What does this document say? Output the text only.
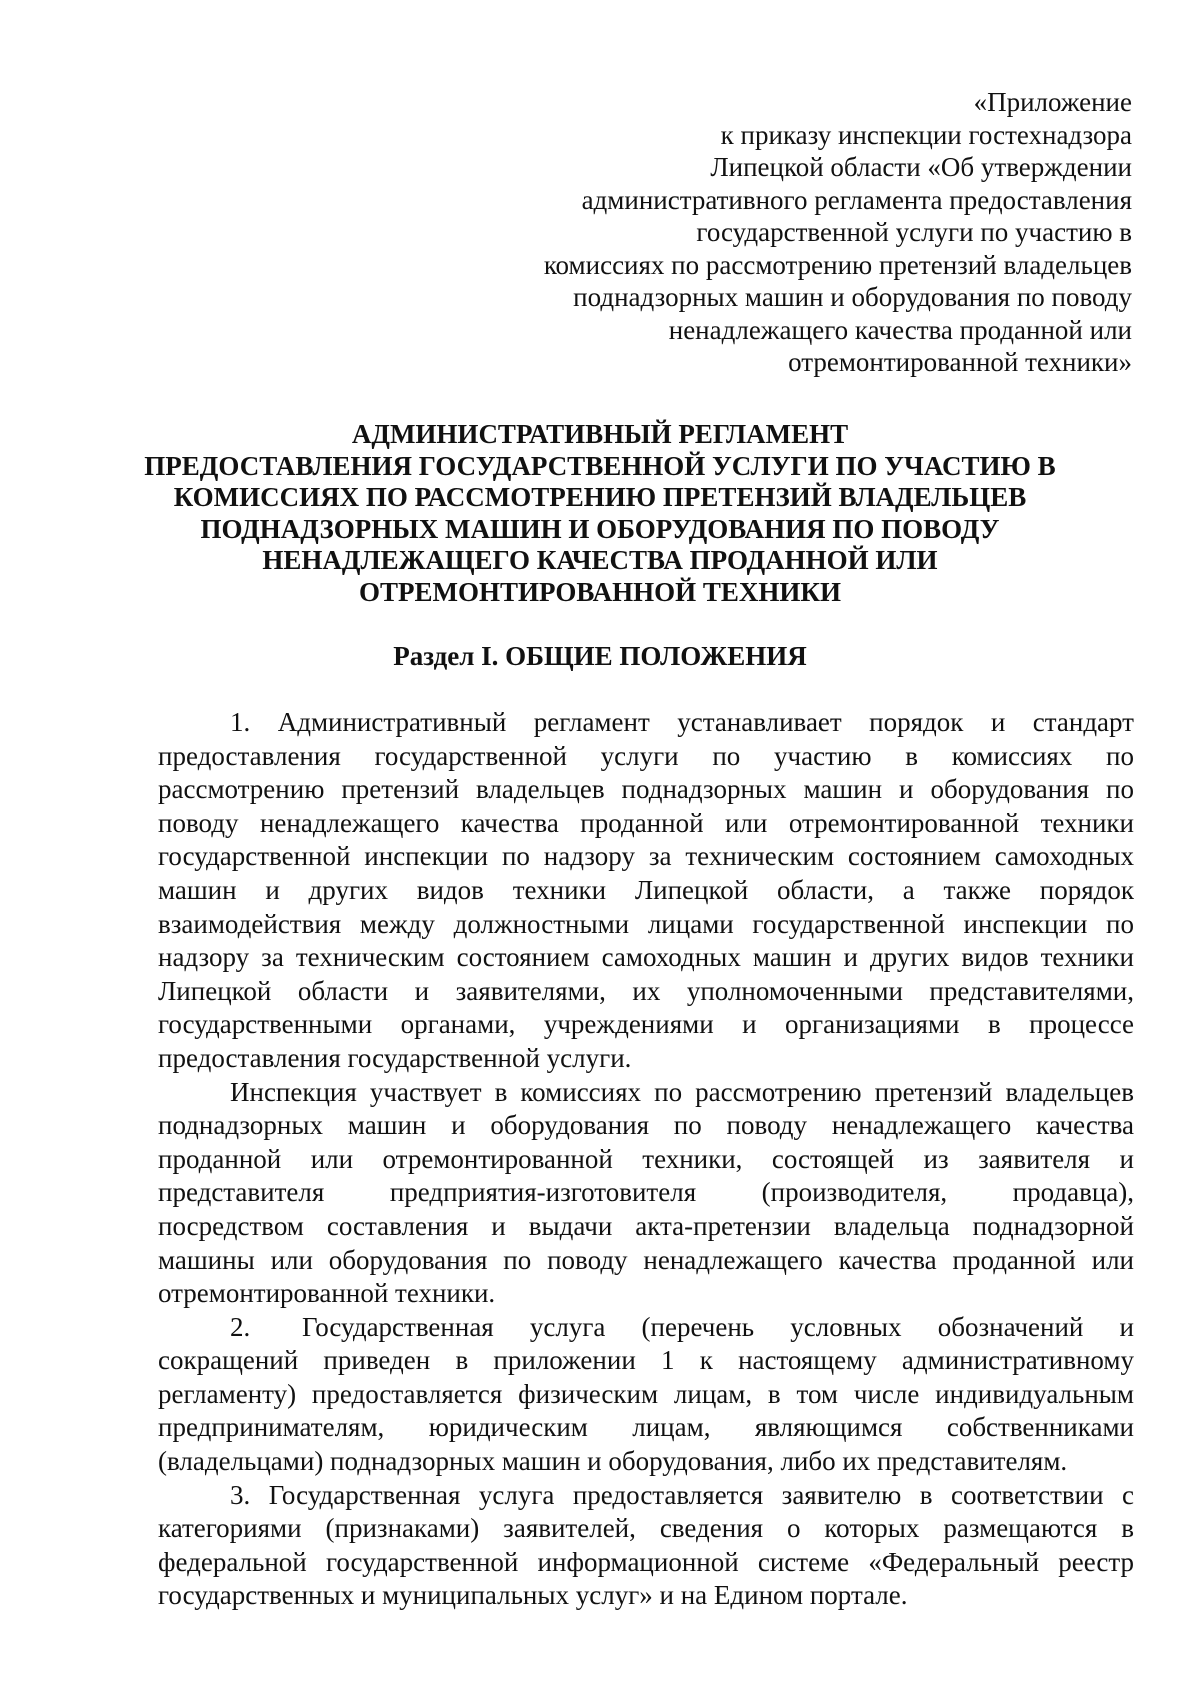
«Приложение
к приказу инспекции гостехнадзора
Липецкой области «Об утверждении
административного регламента предоставления
государственной услуги по участию в
комиссиях по рассмотрению претензий владельцев
поднадзорных машин и оборудования по поводу
ненадлежащего качества проданной или
отремонтированной техники»
АДМИНИСТРАТИВНЫЙ РЕГЛАМЕНТ
ПРЕДОСТАВЛЕНИЯ ГОСУДАРСТВЕННОЙ УСЛУГИ ПО УЧАСТИЮ В
КОМИССИЯХ ПО РАССМОТРЕНИЮ ПРЕТЕНЗИЙ ВЛАДЕЛЬЦЕВ
ПОДНАДЗОРНЫХ МАШИН И ОБОРУДОВАНИЯ ПО ПОВОДУ
НЕНАДЛЕЖАЩЕГО КАЧЕСТВА ПРОДАННОЙ ИЛИ
ОТРЕМОНТИРОВАННОЙ ТЕХНИКИ
Раздел I. ОБЩИЕ ПОЛОЖЕНИЯ
1. Административный регламент устанавливает порядок и стандарт
предоставления государственной услуги по участию в комиссиях по
рассмотрению претензий владельцев поднадзорных машин и оборудования по
поводу ненадлежащего качества проданной или отремонтированной техники
государственной инспекции по надзору за техническим состоянием самоходных
машин и других видов техники Липецкой области, а также порядок
взаимодействия между должностными лицами государственной инспекции по
надзору за техническим состоянием самоходных машин и других видов техники
Липецкой области и заявителями, их уполномоченными представителями,
государственными органами, учреждениями и организациями в процессе
предоставления государственной услуги.
Инспекция участвует в комиссиях по рассмотрению претензий владельцев
поднадзорных машин и оборудования по поводу ненадлежащего качества
проданной или отремонтированной техники, состоящей из заявителя и
представителя предприятия-изготовителя (производителя, продавца),
посредством составления и выдачи акта-претензии владельца поднадзорной
машины или оборудования по поводу ненадлежащего качества проданной или
отремонтированной техники.
2. Государственная услуга (перечень условных обозначений и
сокращений приведен в приложении 1 к настоящему административному
регламенту) предоставляется физическим лицам, в том числе индивидуальным
предпринимателям, юридическим лицам, являющимся собственниками
(владельцами) поднадзорных машин и оборудования, либо их представителям.
3. Государственная услуга предоставляется заявителю в соответствии с
категориями (признаками) заявителей, сведения о которых размещаются в
федеральной государственной информационной системе «Федеральный реестр
государственных и муниципальных услуг» и на Едином портале.
